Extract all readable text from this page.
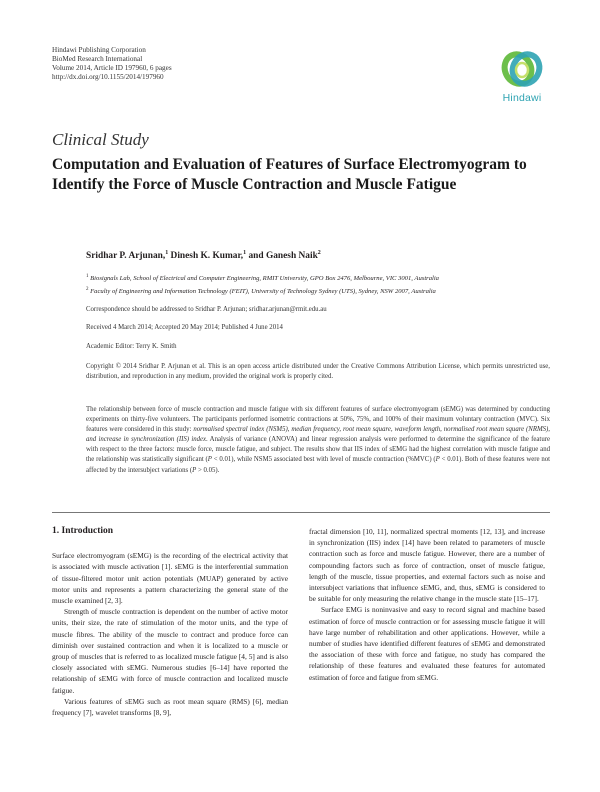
Hindawi Publishing Corporation
BioMed Research International
Volume 2014, Article ID 197960, 6 pages
http://dx.doi.org/10.1155/2014/197960
Hindawi
Clinical Study
Computation and Evaluation of Features of Surface Electromyogram to Identify the Force of Muscle Contraction and Muscle Fatigue
Sridhar P. Arjunan,$^1$ Dinesh K. Kumar,$^1$ and Ganesh Naik$^2$
$^1$ Biosignals Lab, School of Electrical and Computer Engineering, RMIT University, GPO Box 2476, Melbourne, VIC 3001, Australia
$^2$ Faculty of Engineering and Information Technology (FEIT), University of Technology Sydney (UTS), Sydney, NSW 2007, Australia
Correspondence should be addressed to Sridhar P. Arjunan; sridhar.arjunan@rmit.edu.au
Received 4 March 2014; Accepted 20 May 2014; Published 4 June 2014
Academic Editor: Terry K. Smith
Copyright © 2014 Sridhar P. Arjunan et al. This is an open access article distributed under the Creative Commons Attribution License, which permits unrestricted use, distribution, and reproduction in any medium, provided the original work is properly cited.
The relationship between force of muscle contraction and muscle fatigue with six different features of surface electromyogram (sEMG) was determined by conducting experiments on thirty-five volunteers. The participants performed isometric contractions at 50%, 75%, and 100% of their maximum voluntary contraction (MVC). Six features were considered in this study: normalised spectral index (NSM5), median frequency, root mean square, waveform length, normalised root mean square (NRMS), and increase in synchronization (IIS) index. Analysis of variance (ANOVA) and linear regression analysis were performed to determine the significance of the feature with respect to the three factors: muscle force, muscle fatigue, and subject. The results show that IIS index of sEMG had the highest correlation with muscle fatigue and the relationship was statistically significant (P < 0.01), while NSM5 associated best with level of muscle contraction (%MVC) (P < 0.01). Both of these features were not affected by the intersubject variations (P > 0.05).
1. Introduction

Surface electromyogram (sEMG) is the recording of the electrical activity that is associated with muscle activation [1]. sEMG is the interferential summation of tissue-filtered motor unit action potentials (MUAP) generated by active motor units and represents a pattern characterizing the general state of the muscle examined [2, 3].

Strength of muscle contraction is dependent on the number of active motor units, their size, the rate of stimulation of the motor units, and the type of muscle fibres. The ability of the muscle to contract and produce force can diminish over sustained contraction and when it is localized to a muscle or group of muscles that is referred to as localized muscle fatigue [4, 5] and is also closely associated with sEMG. Numerous studies [6–14] have reported the relationship of sEMG with force of muscle contraction and localized muscle fatigue.

Various features of sEMG such as root mean square (RMS) [6], median frequency [7], wavelet transforms [8, 9],

fractal dimension [10, 11], normalized spectral moments [12, 13], and increase in synchronization (IIS) index [14] have been related to parameters of muscle contraction such as force and muscle fatigue. However, there are a number of compounding factors such as force of contraction, onset of muscle fatigue, length of the muscle, tissue properties, and external factors such as noise and intersubject variations that influence sEMG, and, thus, sEMG is considered to be suitable for only measuring the relative change in the muscle state [15–17].

Surface EMG is noninvasive and easy to record signal and machine based estimation of force of muscle contraction or for assessing muscle fatigue it will have large number of rehabilitation and other applications. However, while a number of studies have identified different features of sEMG and demonstrated the association of these with force and fatigue, no study has compared the relationship of these features and evaluated these features for automated estimation of force and fatigue from sEMG.
